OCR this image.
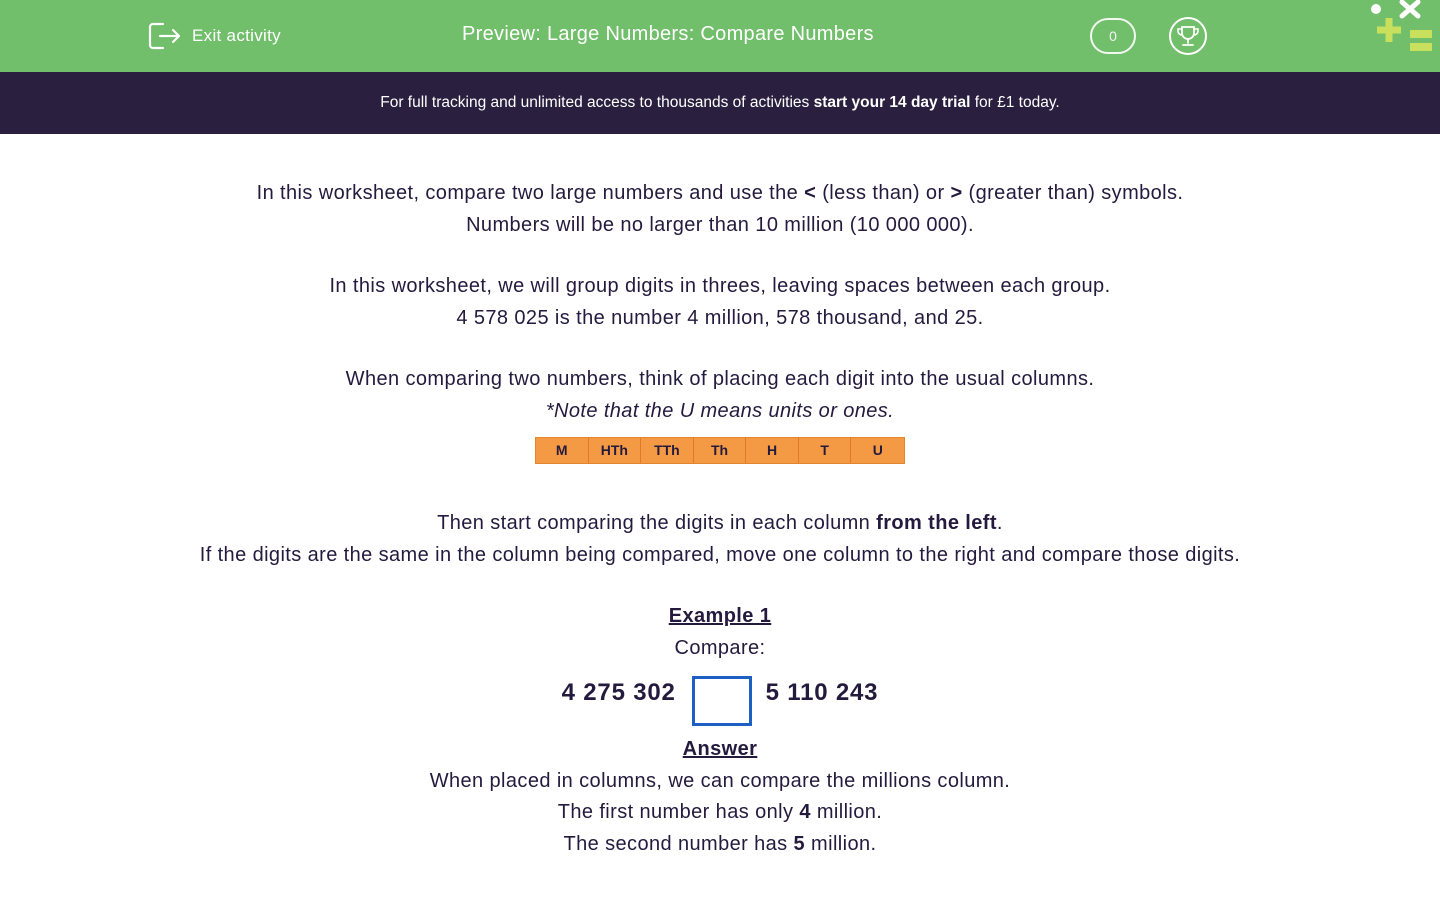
Exit activity	Preview: Large Numbers: Compare Numbers	0
For full tracking and unlimited access to thousands of activities start your 14 day trial for £1 today.
In this worksheet, compare two large numbers and use the < (less than) or > (greater than) symbols.
Numbers will be no larger than 10 million (10 000 000).
In this worksheet, we will group digits in threes, leaving spaces between each group.
4 578 025 is the number 4 million, 578 thousand, and 25.
When comparing two numbers, think of placing each digit into the usual columns.
*Note that the U means units or ones.
M	HTh	TTh	Th	H	T	U
Then start comparing the digits in each column from the left.
If the digits are the same in the column being compared, move one column to the right and compare those digits.
Example 1
Compare:
4 275 302	5 110 243
Answer
When placed in columns, we can compare the millions column.
The first number has only 4 million.
The second number has 5 million.
